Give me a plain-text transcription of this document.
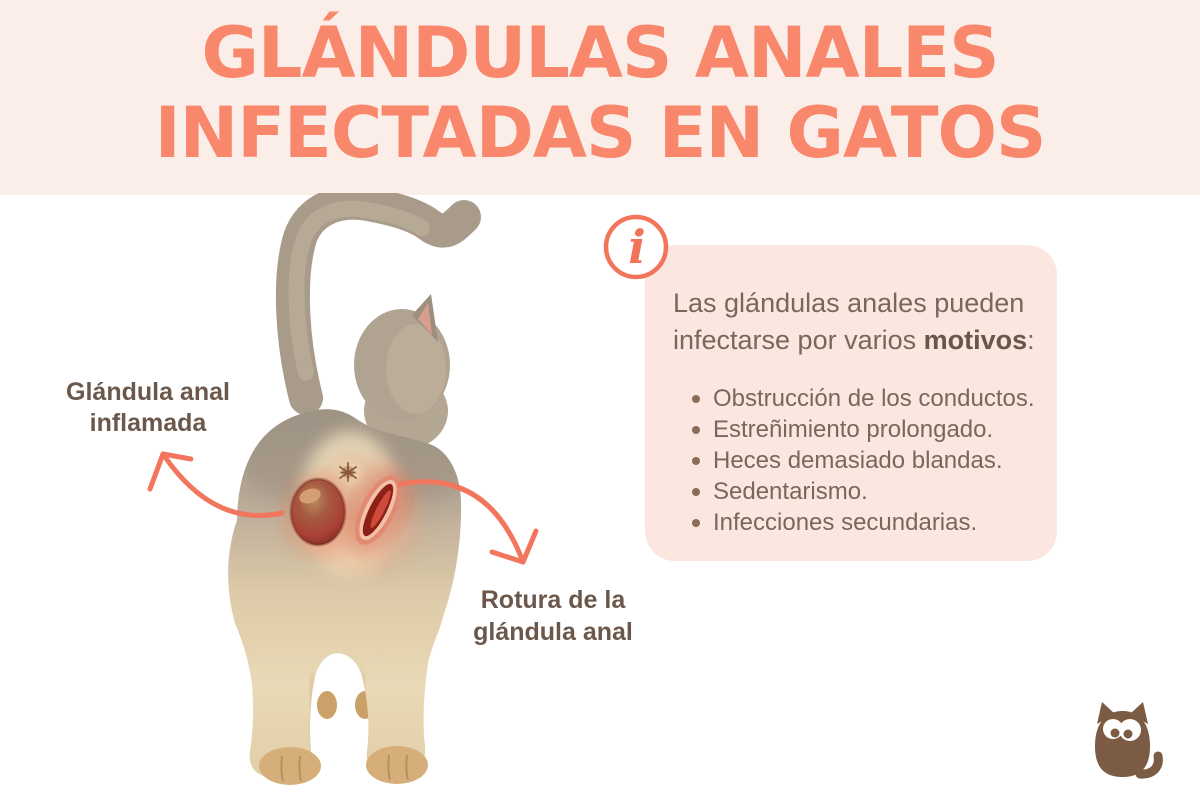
GLÁNDULAS ANALES
INFECTADAS EN GATOS
Glándula anal
inflamada
Rotura de la
glándula anal
Las glándulas anales pueden
infectarse por varios motivos:
Obstrucción de los conductos.
Estreñimiento prolongado.
Heces demasiado blandas.
Sedentarismo.
Infecciones secundarias.
i
